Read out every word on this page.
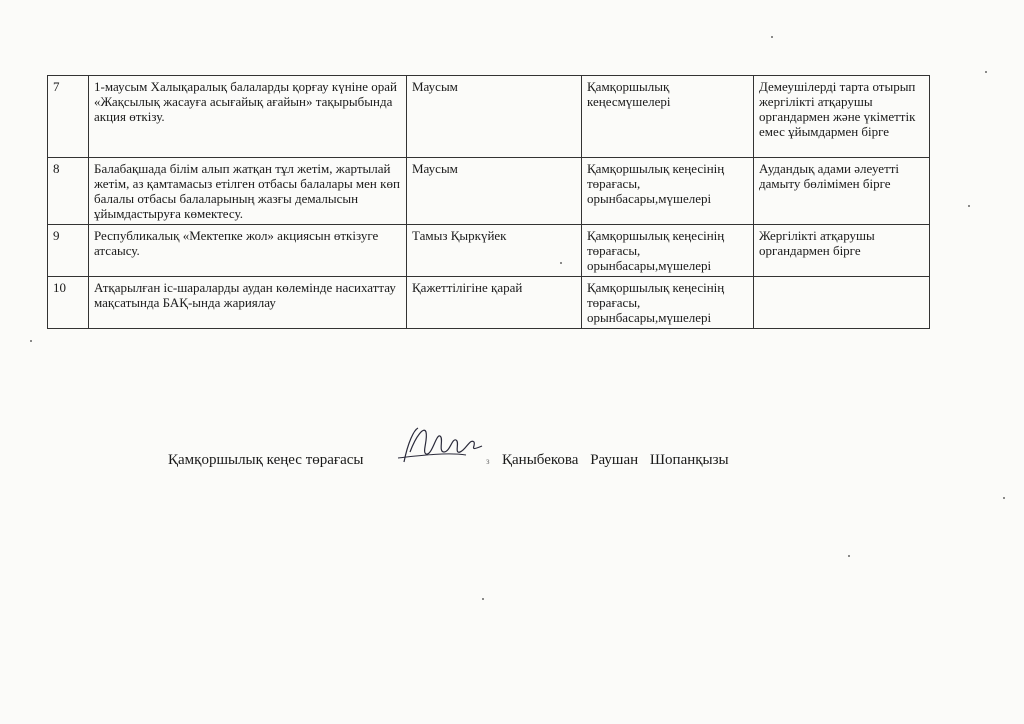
7	1-маусым Халықаралық балаларды қорғау күніне орай «Жақсылық жасауға асығайық ағайын» тақырыбында акция өткізу.	Маусым	Қамқоршылық кеңесмүшелері	Демеушілерді тарта отырып жергілікті атқарушы органдармен және үкіметтік емес ұйымдармен бірге
8	Балабақшада білім алып жатқан тұл жетім, жартылай жетім, аз қамтамасыз етілген отбасы балалары мен көп балалы отбасы балаларының жазғы демалысын ұйымдастыруға көмектесу.	Маусым	Қамқоршылық кеңесінің төрағасы, орынбасары,мүшелері	Аудандық адами әлеуетті дамыту бөлімімен бірге
9	Республикалық «Мектепке жол» акциясын өткізуге атсаысу.	Тамыз Қыркүйек	Қамқоршылық кеңесінің төрағасы, орынбасары,мүшелері	Жергілікті атқарушы органдармен бірге
10	Атқарылған іс-шараларды аудан көлемінде насихаттау мақсатында БАҚ-ында жариялау	Қажеттілігіне қарай	Қамқоршылық кеңесінің төрағасы, орынбасары,мүшелері	
Қамқоршылық кеңес төрағасы	з Қаныбекова Раушан Шопанқызы
